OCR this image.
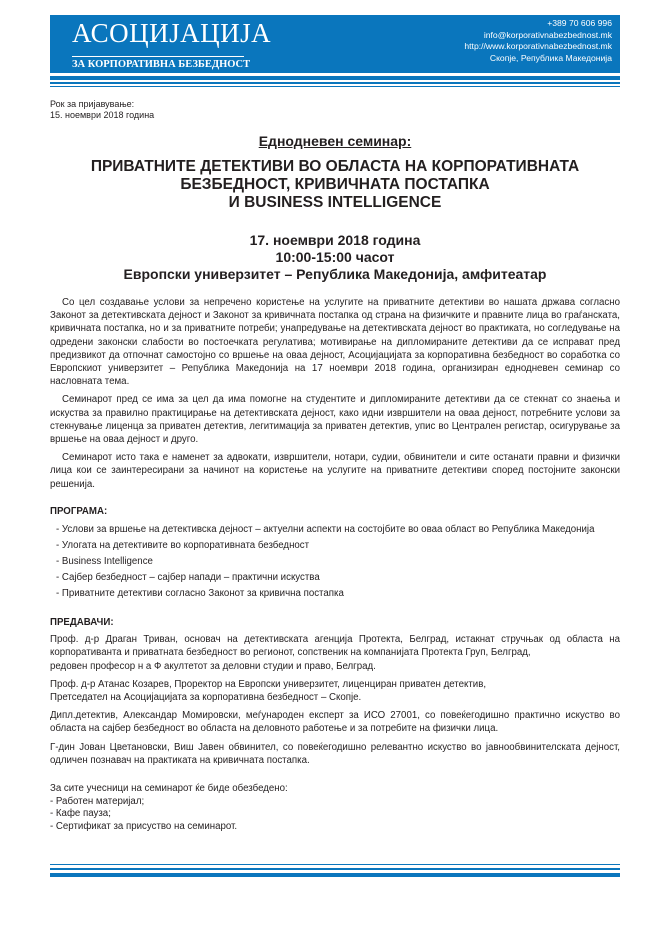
АСОЦИЈАЦИЈА
ЗА КОРПОРАТИВНА БЕЗБЕДНОСТ
+389 70 606 996
info@korporativnabezbednost.mk
http://www.korporativnabezbednost.mk
Скопје, Република Македонија
Рок за пријавување:
15. ноември 2018 година
Еднодневен семинар:
ПРИВАТНИТЕ ДЕТЕКТИВИ ВО ОБЛАСТА НА КОРПОРАТИВНАТА
БЕЗБЕДНОСТ, КРИВИЧНАТА ПОСТАПКА
И BUSINESS INTELLIGENCE
17. ноември 2018 година
10:00-15:00 часот
Европски универзитет – Република Македонија, амфитеатар

Со цел создавање услови за непречено користење на услугите на приватните детективи во нашата држава согласно Законот за детективската дејност и Законот за кривичната постапка од страна на физичките и правните лица во граѓанската, кривичната постапка, но и за приватните потреби; унапредување на детективската дејност во практиката, но согледување на одредени законски слабости во постоечката регулатива; мотивирање на дипломираните детективи да се исправат пред предизвикот да отпочнат самостојно со вршење на оваа дејност, Асоцијацијата за корпоративна безбедност во соработка со Европскиот универзитет – Република Македонија на 17 ноември 2018 година, организиран еднодневен семинар со насловната тема.

Семинарот пред се има за цел да има помогне на студентите и дипломираните детективи да се стекнат со знаења и искуства за правилно практицирање на детективската дејност, како идни извршители на оваа дејност, потребните услови за стекнување лиценца за приватен детектив, легитимација за приватен детектив, упис во Централен регистар, осигурување за вршење на оваа дејност и друго.

Семинарот исто така е наменет за адвокати, извршители, нотари, судии, обвинители и сите останати правни и физички лица кои се заинтересирани за начинот на користење на услугите на приватните детективи според постојните законски решенија.

ПРОГРАМА:
- Услови за вршење на детективска дејност – актуелни аспекти на состојбите во оваа област во Република Македонија
- Улогата на детективите во корпоративната безбедност
- Business Intelligence
- Сајбер безбедност – сајбер напади – практични искуства
- Приватните детективи согласно Законот за кривична постапка
ПРЕДАВАЧИ:
Проф. д-р Драган Триван, основач на детективската агенција Протекта, Белград, истакнат стручњак од областа на корпоративанта и приватната безбедност во регионот, сопственик на компанијата Протекта Груп, Белград,
редовен професор н а Ф акултетот за деловни студии и право, Белград.
Проф. д-р Атанас Козарев, Проректор на Европски универзитет, лиценциран приватен детектив,
Претседател на Асоцијацијата за корпоративна безбедност – Скопје.
Дипл.детектив, Александар Момировски, меѓународен експерт за ИСО 27001, со повеќегодишно практично искуство во областа на сајбер безбедност во областа на деловното работење и за потребите на физички лица.
Г-дин Јован Цветановски, Виш Јавен обвинител, со повеќегодишно релевантно искуство во јавнообвинителската дејност, одличен познавач на практиката на кривичната постапка.
За сите учесници на семинарот ќе биде обезбедено:
- Работен материјал;
- Кафе пауза;
- Сертификат за присуство на семинарот.
